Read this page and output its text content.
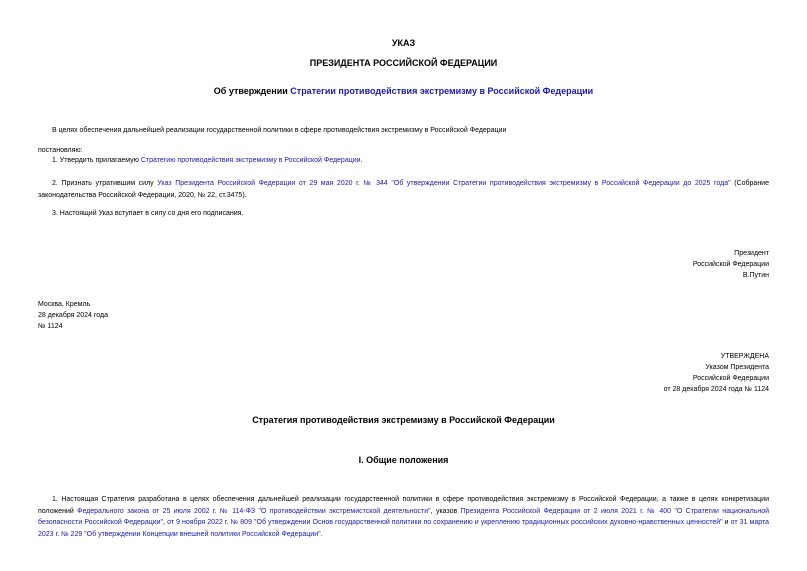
УКАЗ
ПРЕЗИДЕНТА РОССИЙСКОЙ ФЕДЕРАЦИИ
Об утверждении Стратегии противодействия экстремизму в Российской Федерации
В целях обеспечения дальнейшей реализации государственной политики в сфере противодействия экстремизму в Российской Федерации
постановляю:
1. Утвердить прилагаемую Стратегию противодействия экстремизму в Российской Федерации.
2. Признать утратившим силу Указ Президента Российской Федерации от 29 мая 2020 г. № 344 "Об утверждении Стратегии противодействия экстремизму в Российской Федерации до 2025 года" (Собрание законодательства Российской Федерации, 2020, № 22, ст.3475).
3. Настоящий Указ вступает в силу со дня его подписания.
Президент
Российской Федерации
В.Путин
Москва, Кремль
28 декабря 2024 года
№ 1124
УТВЕРЖДЕНА
Указом Президента
Российской Федерации
от 28 декабря 2024 года № 1124
Стратегия противодействия экстремизму в Российской Федерации
I. Общие положения
1. Настоящая Стратегия разработана в целях обеспечения дальнейшей реализации государственной политики в сфере противодействия экстремизму в Российской Федерации, а также в целях конкретизации положений Федерального закона от 25 июля 2002 г. № 114-ФЗ "О противодействии экстремистской деятельности", указов Президента Российской Федерации от 2 июля 2021 г. № 400 "О Стратегии национальной безопасности Российской Федерации", от 9 ноября 2022 г. № 809 "Об утверждении Основ государственной политики по сохранению и укреплению традиционных российских духовно-нравственных ценностей" и от 31 марта 2023 г. № 229 "Об утверждении Концепции внешней политики Российской Федерации".
